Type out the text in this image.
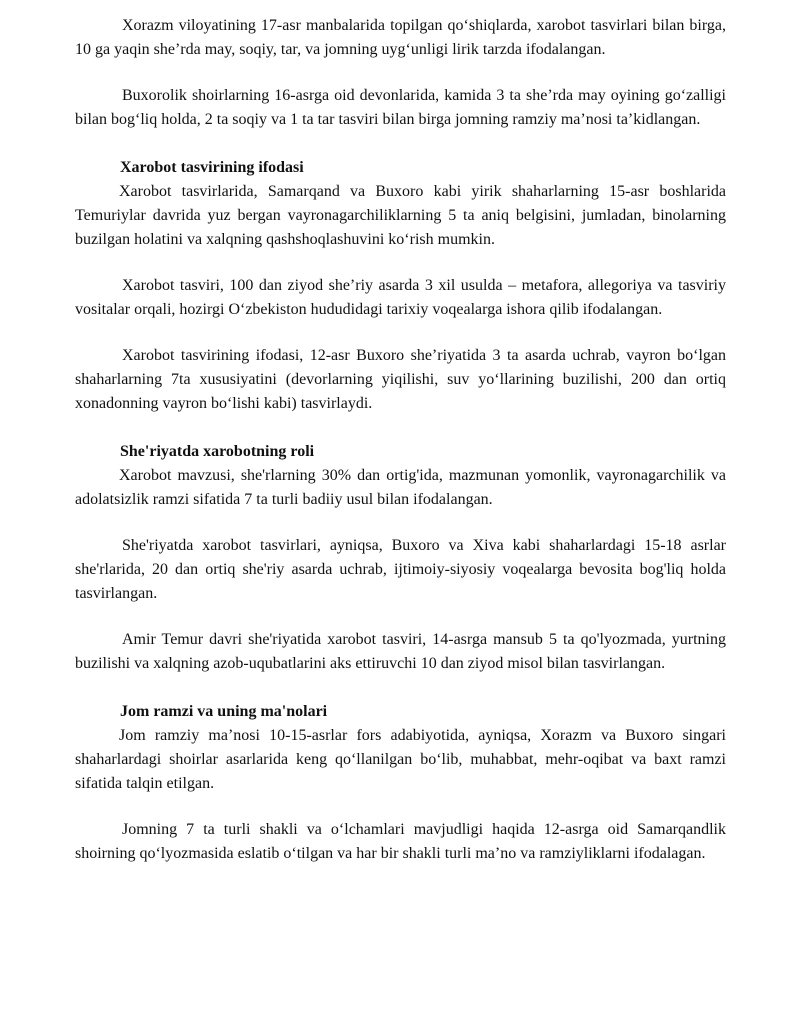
Xorazm viloyatining 17-asr manbalarida topilgan qo‘shiqlarda, xarobot tasvirlari bilan birga, 10 ga yaqin she’rda may, soqiy, tar, va jomning uyg‘unligi lirik tarzda ifodalangan.

Buxorolik shoirlarning 16-asrga oid devonlarida, kamida 3 ta she’rda may oyining go‘zalligi bilan bog‘liq holda, 2 ta soqiy va 1 ta tar tasviri bilan birga jomning ramziy ma’nosi ta’kidlangan.

Xarobot tasvirining ifodasi

Xarobot tasvirlarida, Samarqand va Buxoro kabi yirik shaharlarning 15-asr boshlarida Temuriylar davrida yuz bergan vayronagarchiliklarning 5 ta aniq belgisini, jumladan, binolarning buzilgan holatini va xalqning qashshoqlashuvini ko‘rish mumkin.

Xarobot tasviri, 100 dan ziyod she’riy asarda 3 xil usulda – metafora, allegoriya va tasviriy vositalar orqali, hozirgi O‘zbekiston hududidagi tarixiy voqealarga ishora qilib ifodalangan.

Xarobot tasvirining ifodasi, 12-asr Buxoro she’riyatida 3 ta asarda uchrab, vayron bo‘lgan shaharlarning 7ta xususiyatini (devorlarning yiqilishi, suv yo‘llarining buzilishi, 200 dan ortiq xonadonning vayron bo‘lishi kabi) tasvirlaydi.

She'riyatda xarobotning roli

Xarobot mavzusi, she'rlarning 30% dan ortig'ida, mazmunan yomonlik, vayronagarchilik va adolatsizlik ramzi sifatida 7 ta turli badiiy usul bilan ifodalangan.

She'riyatda xarobot tasvirlari, ayniqsa, Buxoro va Xiva kabi shaharlardagi 15-18 asrlar she'rlarida, 20 dan ortiq she'riy asarda uchrab, ijtimoiy-siyosiy voqealarga bevosita bog'liq holda tasvirlangan.

Amir Temur davri she'riyatida xarobot tasviri, 14-asrga mansub 5 ta qo'lyozmada, yurtning buzilishi va xalqning azob-uqubatlarini aks ettiruvchi 10 dan ziyod misol bilan tasvirlangan.

Jom ramzi va uning ma'nolari

Jom ramziy ma’nosi 10-15-asrlar fors adabiyotida, ayniqsa, Xorazm va Buxoro singari shaharlardagi shoirlar asarlarida keng qo‘llanilgan bo‘lib, muhabbat, mehr-oqibat va baxt ramzi sifatida talqin etilgan.

Jomning 7 ta turli shakli va o‘lchamlari mavjudligi haqida 12-asrga oid Samarqandlik shoirning qo‘lyozmasida eslatib o‘tilgan va har bir shakli turli ma’no va ramziyliklarni ifodalagan.
